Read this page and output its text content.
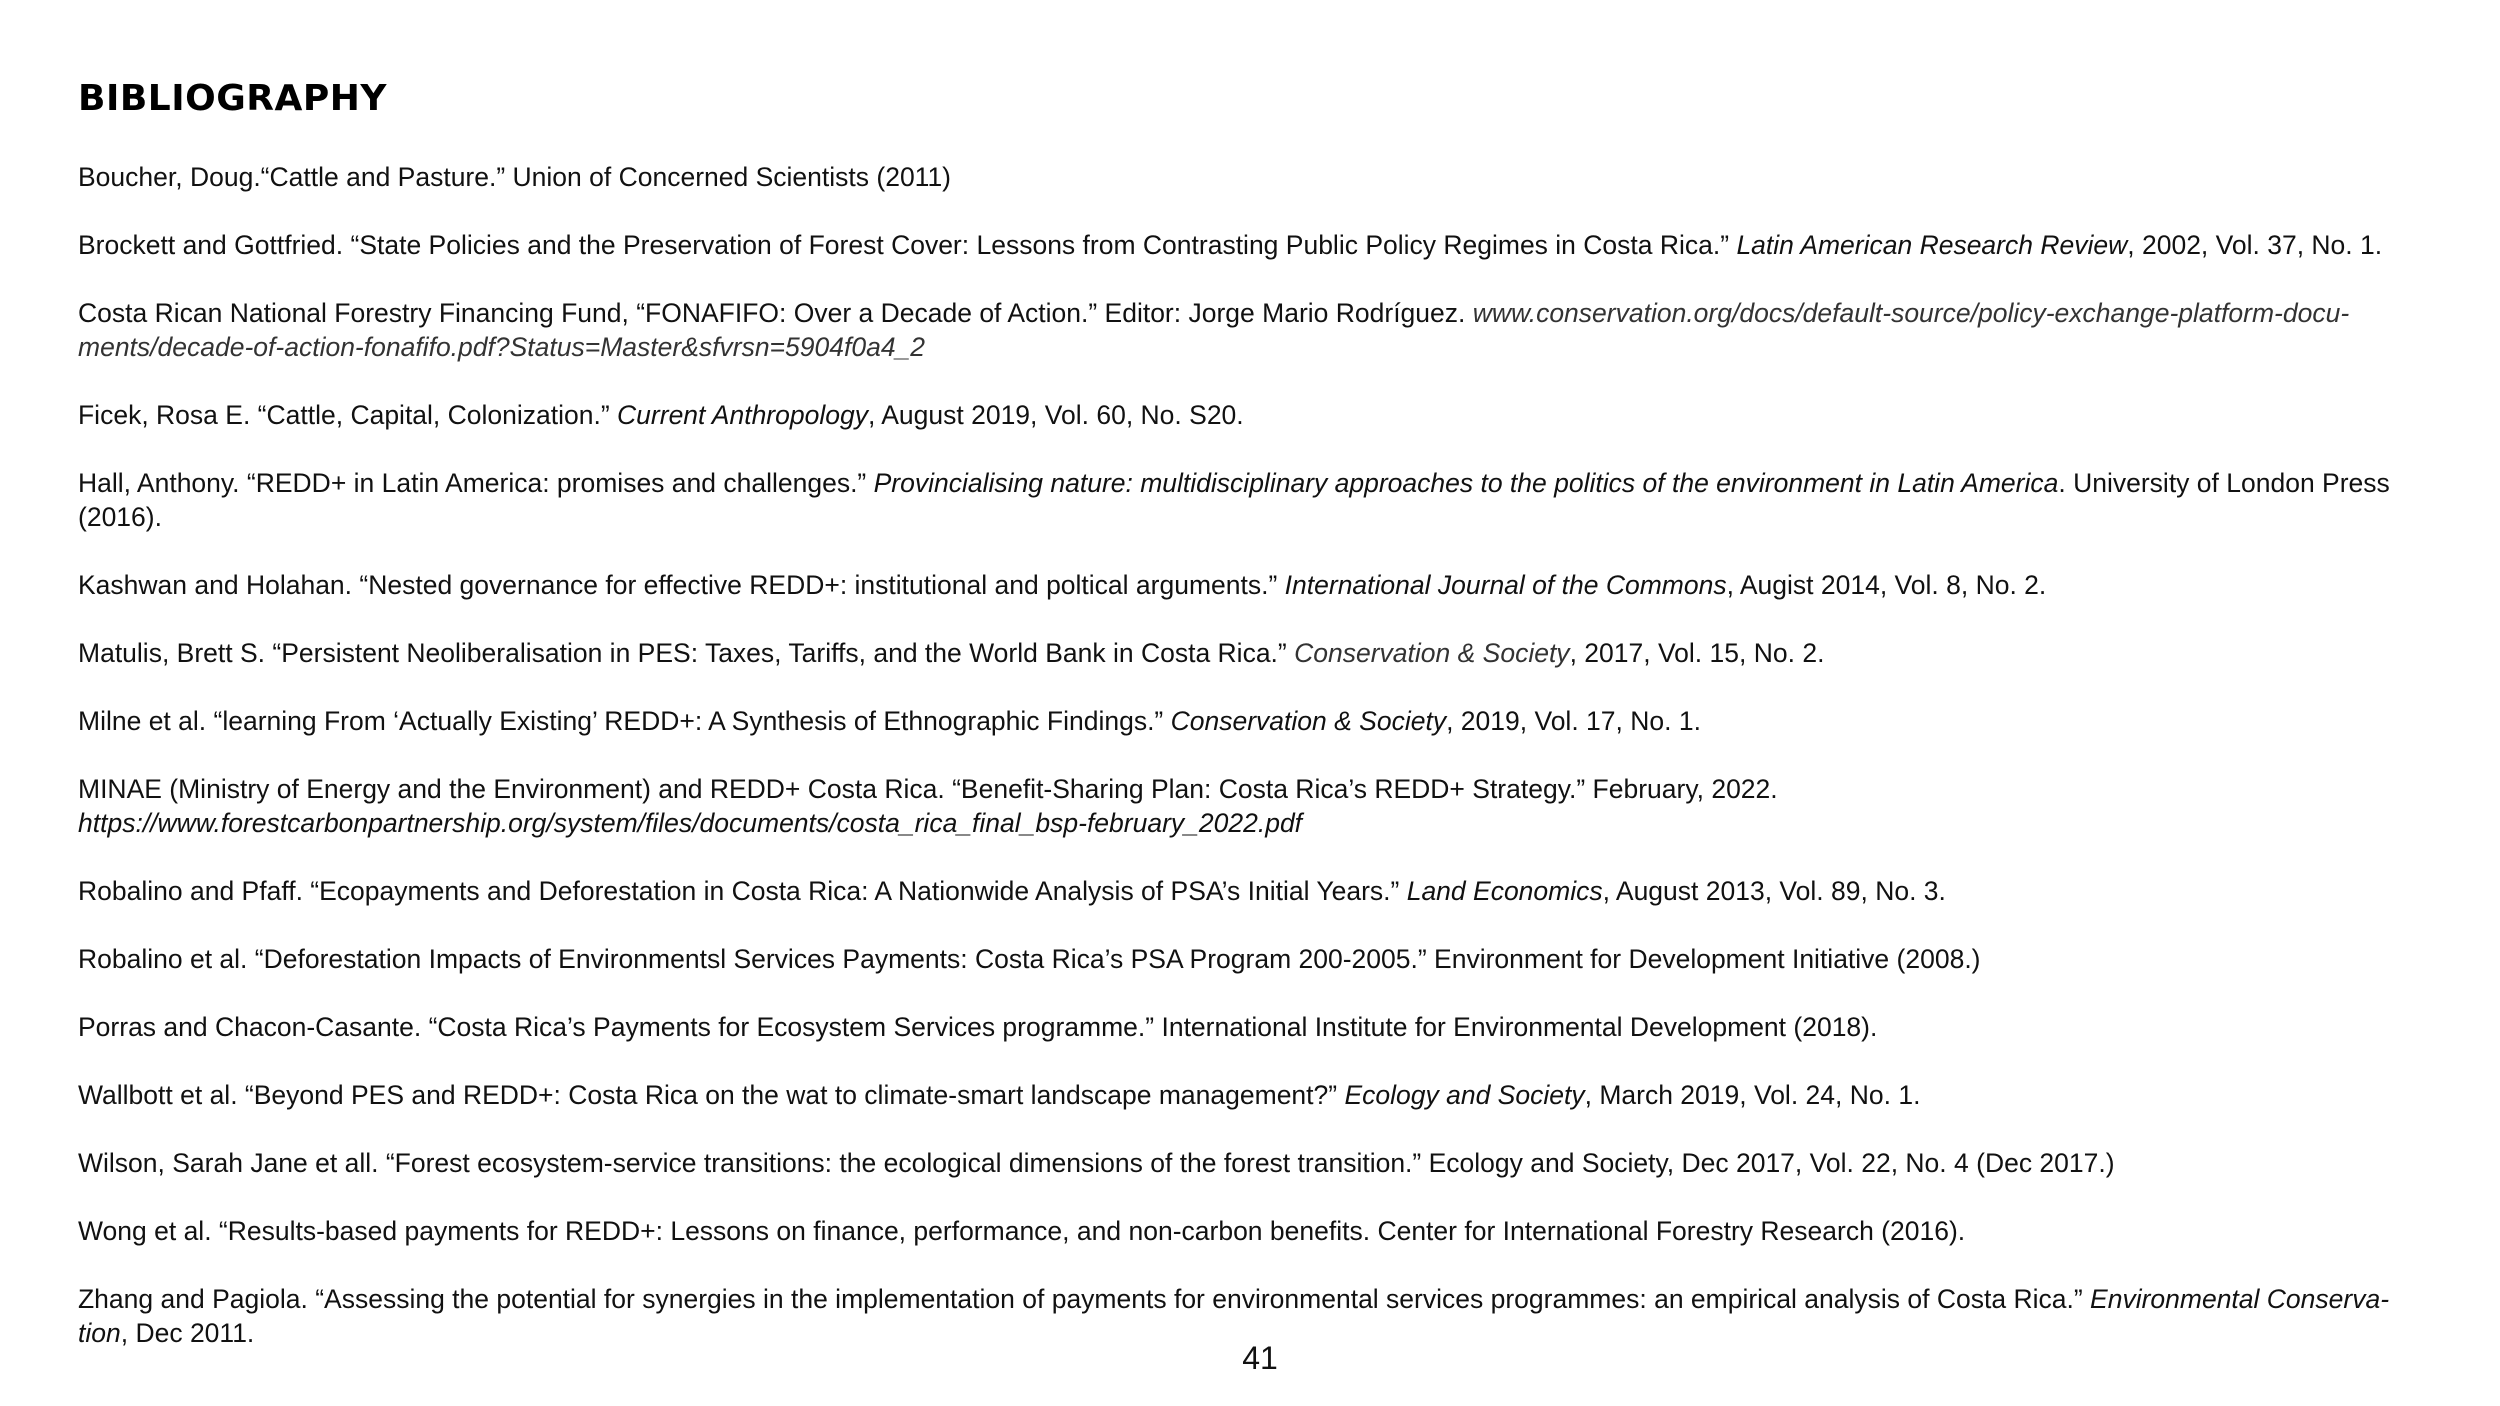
BIBLIOGRAPHY

Boucher, Doug.“Cattle and Pasture.” Union of Concerned Scientists (2011)

Brockett and Gottfried. “State Policies and the Preservation of Forest Cover: Lessons from Contrasting Public Policy Regimes in Costa Rica.” Latin American Research Review, 2002, Vol. 37, No. 1.

Costa Rican National Forestry Financing Fund, “FONAFIFO: Over a Decade of Action.” Editor: Jorge Mario Rodríguez. www.conservation.org/docs/default-source/policy-exchange-platform-docu-ments/decade-of-action-fonafifo.pdf?Status=Master&sfvrsn=5904f0a4_2

Ficek, Rosa E. “Cattle, Capital, Colonization.” Current Anthropology, August 2019, Vol. 60, No. S20.

Hall, Anthony. “REDD+ in Latin America: promises and challenges.” Provincialising nature: multidisciplinary approaches to the politics of the environment in Latin America. University of London Press (2016).

Kashwan and Holahan. “Nested governance for effective REDD+: institutional and poltical arguments.” International Journal of the Commons, Augist 2014, Vol. 8, No. 2.

Matulis, Brett S. “Persistent Neoliberalisation in PES: Taxes, Tariffs, and the World Bank in Costa Rica.” Conservation & Society, 2017, Vol. 15, No. 2.

Milne et al. “learning From ‘Actually Existing’ REDD+: A Synthesis of Ethnographic Findings.” Conservation & Society, 2019, Vol. 17, No. 1.

MINAE (Ministry of Energy and the Environment) and REDD+ Costa Rica. “Benefit-Sharing Plan: Costa Rica’s REDD+ Strategy.” February, 2022. https://www.forestcarbonpartnership.org/system/files/documents/costa_rica_final_bsp-february_2022.pdf

Robalino and Pfaff. “Ecopayments and Deforestation in Costa Rica: A Nationwide Analysis of PSA’s Initial Years.” Land Economics, August 2013, Vol. 89, No. 3.

Robalino et al. “Deforestation Impacts of Environmentsl Services Payments: Costa Rica’s PSA Program 200-2005.” Environment for Development Initiative (2008.)

Porras and Chacon-Casante. “Costa Rica’s Payments for Ecosystem Services programme.” International Institute for Environmental Development (2018).

Wallbott et al. “Beyond PES and REDD+: Costa Rica on the wat to climate-smart landscape management?” Ecology and Society, March 2019, Vol. 24, No. 1.

Wilson, Sarah Jane et all. “Forest ecosystem-service transitions: the ecological dimensions of the forest transition.” Ecology and Society, Dec 2017, Vol. 22, No. 4 (Dec 2017.)

Wong et al. “Results-based payments for REDD+: Lessons on finance, performance, and non-carbon benefits. Center for International Forestry Research (2016).

Zhang and Pagiola. “Assessing the potential for synergies in the implementation of payments for environmental services programmes: an empirical analysis of Costa Rica.” Environmental Conserva-tion, Dec 2011.

41
